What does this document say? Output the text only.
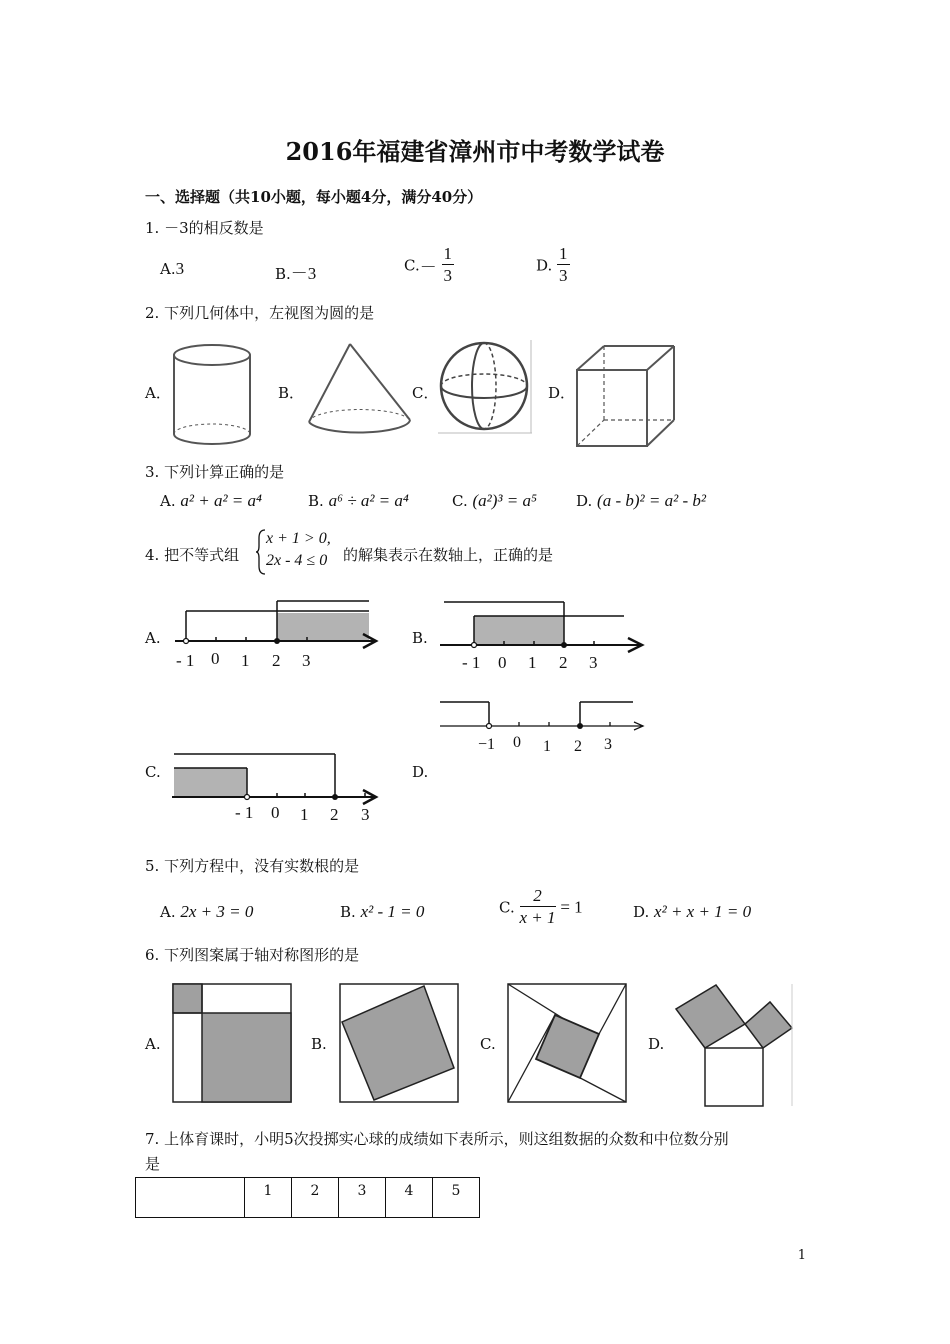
2016年福建省漳州市中考数学试卷
一、选择题（共10小题，每小题4分，满分40分）
1. －3的相反数是
A.3	B.－3	$C.- \frac{1}{3}$	D. $\frac{1}{3}$
2. 下列几何体中，左视图为圆的是
A．	B．	C．	D．
3. 下列计算正确的是
A. a² + a² = a⁴	B. a⁶ ÷ a² = a⁴	C. (a²)³ = a⁵	D. (a - b)² = a² - b²
4. 把不等式组
x + 1 > 0,
2x - 4 ≤ 0 的解集表示在数轴上，正确的是
A.	B.
C.	D.
- 1 0 1 2 3	- 1 0 1 2 3
−1 0 1 2 3
- 1 0 1 2 3
5. 下列方程中，没有实数根的是
A. 2x + 3 = 0	B. x² - 1 = 0	C. $\frac{2}{x + 1} = 1$	D. x² + x + 1 = 0
6. 下列图案属于轴对称图形的是
A.	B.	C.	D.
7. 上体育课时，小明5次投掷实心球的成绩如下表所示，则这组数据的众数和中位数分别
是
	1	2	3	4	5
1
